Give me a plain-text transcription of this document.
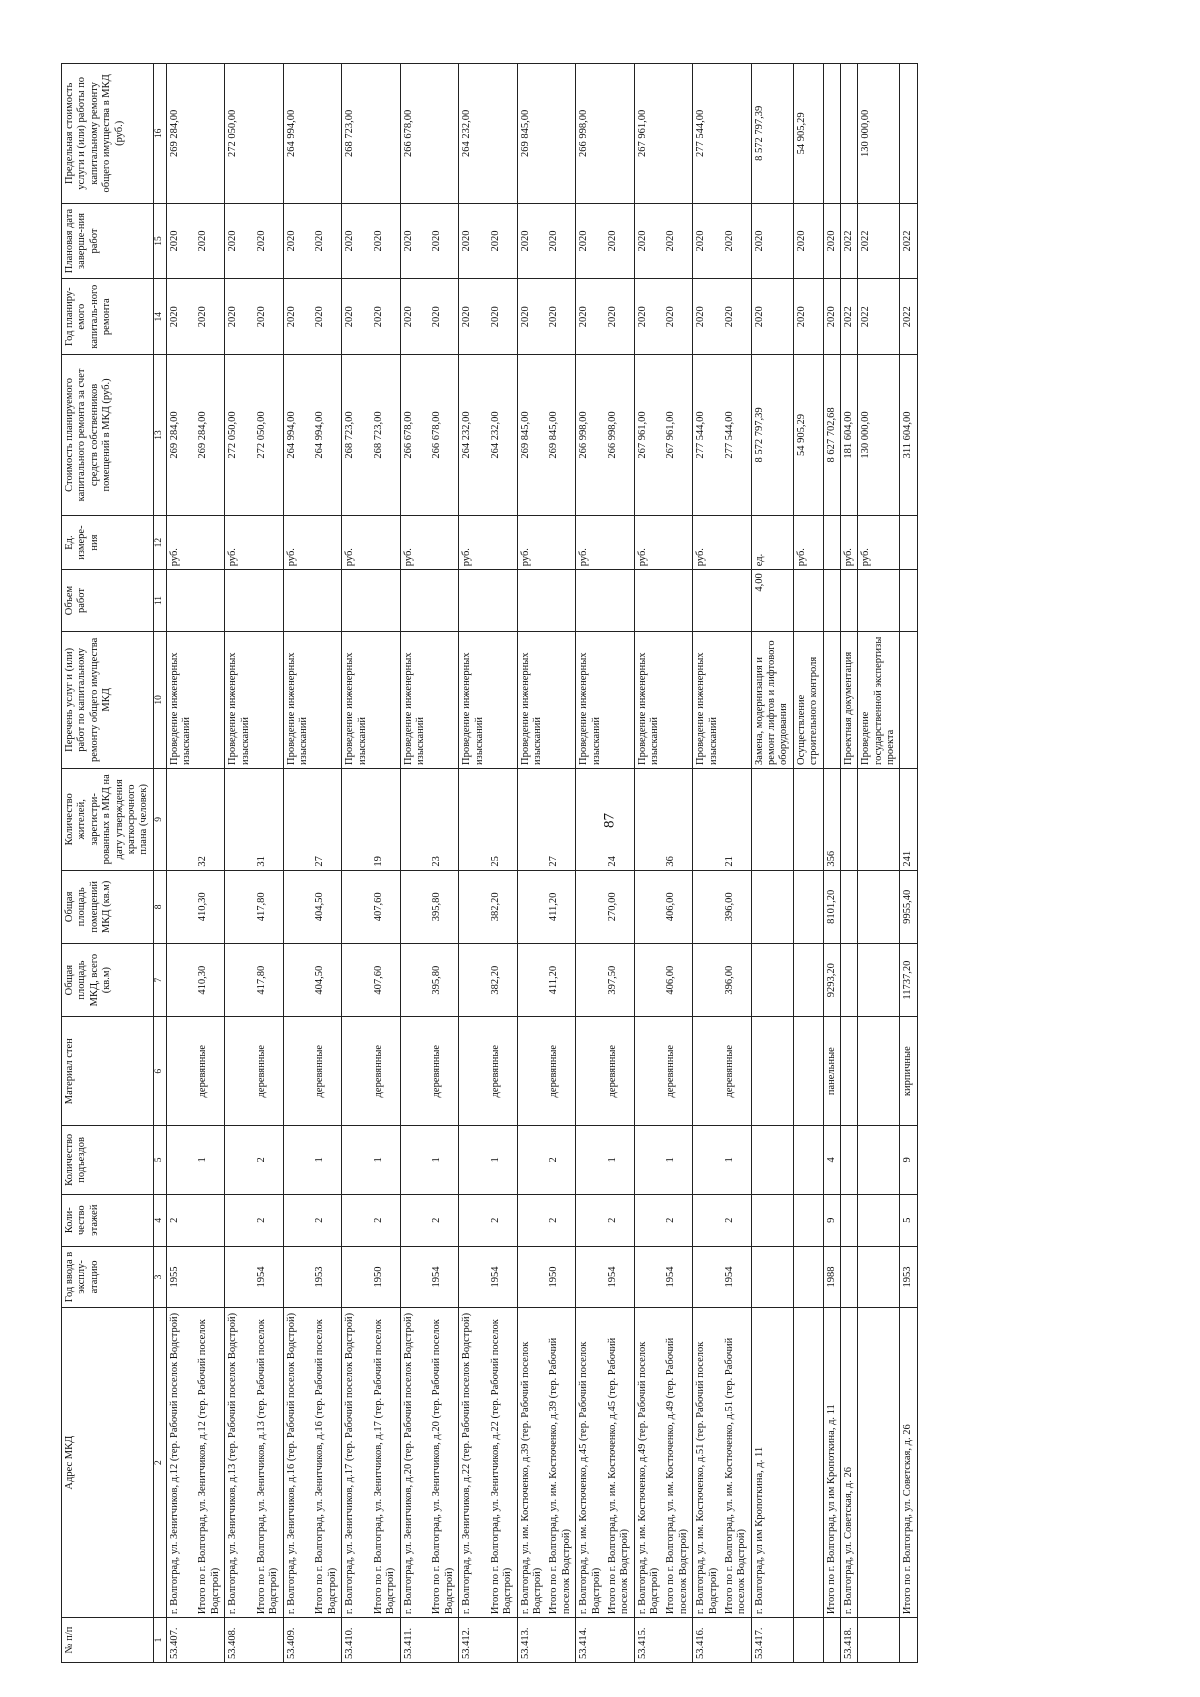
87
№ п/п	Адрес МКД	Год ввода в эксплу-атацию	Коли-чество этажей	Количество подъездов	Материал стен	Общая площадь МКД, всего (кв.м)	Общая площадь помещений МКД (кв.м)	Количество жителей, зарегистри-рованных в МКД на дату утверждения краткосрочного плана (человек)	Перечень услуг и (или) работ по капитальному ремонту общего имущества МКД	Объем работ	Ед. измере-ния	Стоимость планируемого капитального ремонта за счет средств собственников помещений в МКД (руб.)	Год планиру-емого капиталь-ного ремонта	Плановая дата заверше-ния работ	Предельная стоимость услуги и (или) работы по капитальному ремонту общего имущества в МКД (руб.)
1	2	3	4	5	6	7	8	9	10	11	12	13	14	15	16
53.407.	г. Волгоград, ул. Зенитчиков, д.12 (тер. Рабочий поселок Водстрой)	1955	2						Проведение инженерных изысканий		руб.	269 284,00	2020	2020	269 284,00
	Итого по г. Волгоград, ул. Зенитчиков, д.12 (тер. Рабочий поселок Водстрой)			1	деревянные	410,30	410,30	32				269 284,00	2020	2020	
53.408.	г. Волгоград, ул. Зенитчиков, д.13 (тер. Рабочий поселок Водстрой)								Проведение инженерных изысканий		руб.	272 050,00	2020	2020	272 050,00
	Итого по г. Волгоград, ул. Зенитчиков, д.13 (тер. Рабочий поселок Водстрой)	1954	2	2	деревянные	417,80	417,80	31				272 050,00	2020	2020	
53.409.	г. Волгоград, ул. Зенитчиков, д.16 (тер. Рабочий поселок Водстрой)								Проведение инженерных изысканий		руб.	264 994,00	2020	2020	264 994,00
	Итого по г. Волгоград, ул. Зенитчиков, д.16 (тер. Рабочий поселок Водстрой)	1953	2	1	деревянные	404,50	404,50	27				264 994,00	2020	2020	
53.410.	г. Волгоград, ул. Зенитчиков, д.17 (тер. Рабочий поселок Водстрой)								Проведение инженерных изысканий		руб.	268 723,00	2020	2020	268 723,00
	Итого по г. Волгоград, ул. Зенитчиков, д.17 (тер. Рабочий поселок Водстрой)	1950	2	1	деревянные	407,60	407,60	19				268 723,00	2020	2020	
53.411.	г. Волгоград, ул. Зенитчиков, д.20 (тер. Рабочий поселок Водстрой)								Проведение инженерных изысканий		руб.	266 678,00	2020	2020	266 678,00
	Итого по г. Волгоград, ул. Зенитчиков, д.20 (тер. Рабочий поселок Водстрой)	1954	2	1	деревянные	395,80	395,80	23				266 678,00	2020	2020	
53.412.	г. Волгоград, ул. Зенитчиков, д.22 (тер. Рабочий поселок Водстрой)								Проведение инженерных изысканий		руб.	264 232,00	2020	2020	264 232,00
	Итого по г. Волгоград, ул. Зенитчиков, д.22 (тер. Рабочий поселок Водстрой)	1954	2	1	деревянные	382,20	382,20	25				264 232,00	2020	2020	
53.413.	г. Волгоград, ул. им. Костюченко, д.39 (тер. Рабочий поселок Водстрой)								Проведение инженерных изысканий		руб.	269 845,00	2020	2020	269 845,00
	Итого по г. Волгоград, ул. им. Костюченко, д.39 (тер. Рабочий поселок Водстрой)	1950	2	2	деревянные	411,20	411,20	27				269 845,00	2020	2020	
53.414.	г. Волгоград, ул. им. Костюченко, д.45 (тер. Рабочий поселок Водстрой)								Проведение инженерных изысканий		руб.	266 998,00	2020	2020	266 998,00
	Итого по г. Волгоград, ул. им. Костюченко, д.45 (тер. Рабочий поселок Водстрой)	1954	2	1	деревянные	397,50	270,00	24				266 998,00	2020	2020	
53.415.	г. Волгоград, ул. им. Костюченко, д.49 (тер. Рабочий поселок Водстрой)								Проведение инженерных изысканий		руб.	267 961,00	2020	2020	267 961,00
	Итого по г. Волгоград, ул. им. Костюченко, д.49 (тер. Рабочий поселок Водстрой)	1954	2	1	деревянные	406,00	406,00	36				267 961,00	2020	2020	
53.416.	г. Волгоград, ул. им. Костюченко, д.51 (тер. Рабочий поселок Водстрой)								Проведение инженерных изысканий		руб.	277 544,00	2020	2020	277 544,00
	Итого по г. Волгоград, ул. им. Костюченко, д.51 (тер. Рабочий поселок Водстрой)	1954	2	1	деревянные	396,00	396,00	21				277 544,00	2020	2020	
53.417.	г. Волгоград, ул им Кропоткина, д. 11								Замена, модернизация и ремонт лифтов и лифтового оборудования	4,00	ед.	8 572 797,39	2020	2020	8 572 797,39
									Осуществление строительного контроля		руб.	54 905,29	2020	2020	54 905,29
	Итого по г. Волгоград, ул им Кропоткина, д. 11	1988	9	4	панельные	9293,20	8101,20	356				8 627 702,68	2020	2020	
53.418.	г. Волгоград, ул. Советская, д. 26								Проектная документация		руб.	181 604,00	2022	2022	
									Проведение государственной экспертизы проекта		руб.	130 000,00	2022	2022	130 000,00
	Итого по г. Волгоград, ул. Советская, д. 26	1953	5	9	кирпичные	11737,20	9955,40	241				311 604,00	2022	2022	
